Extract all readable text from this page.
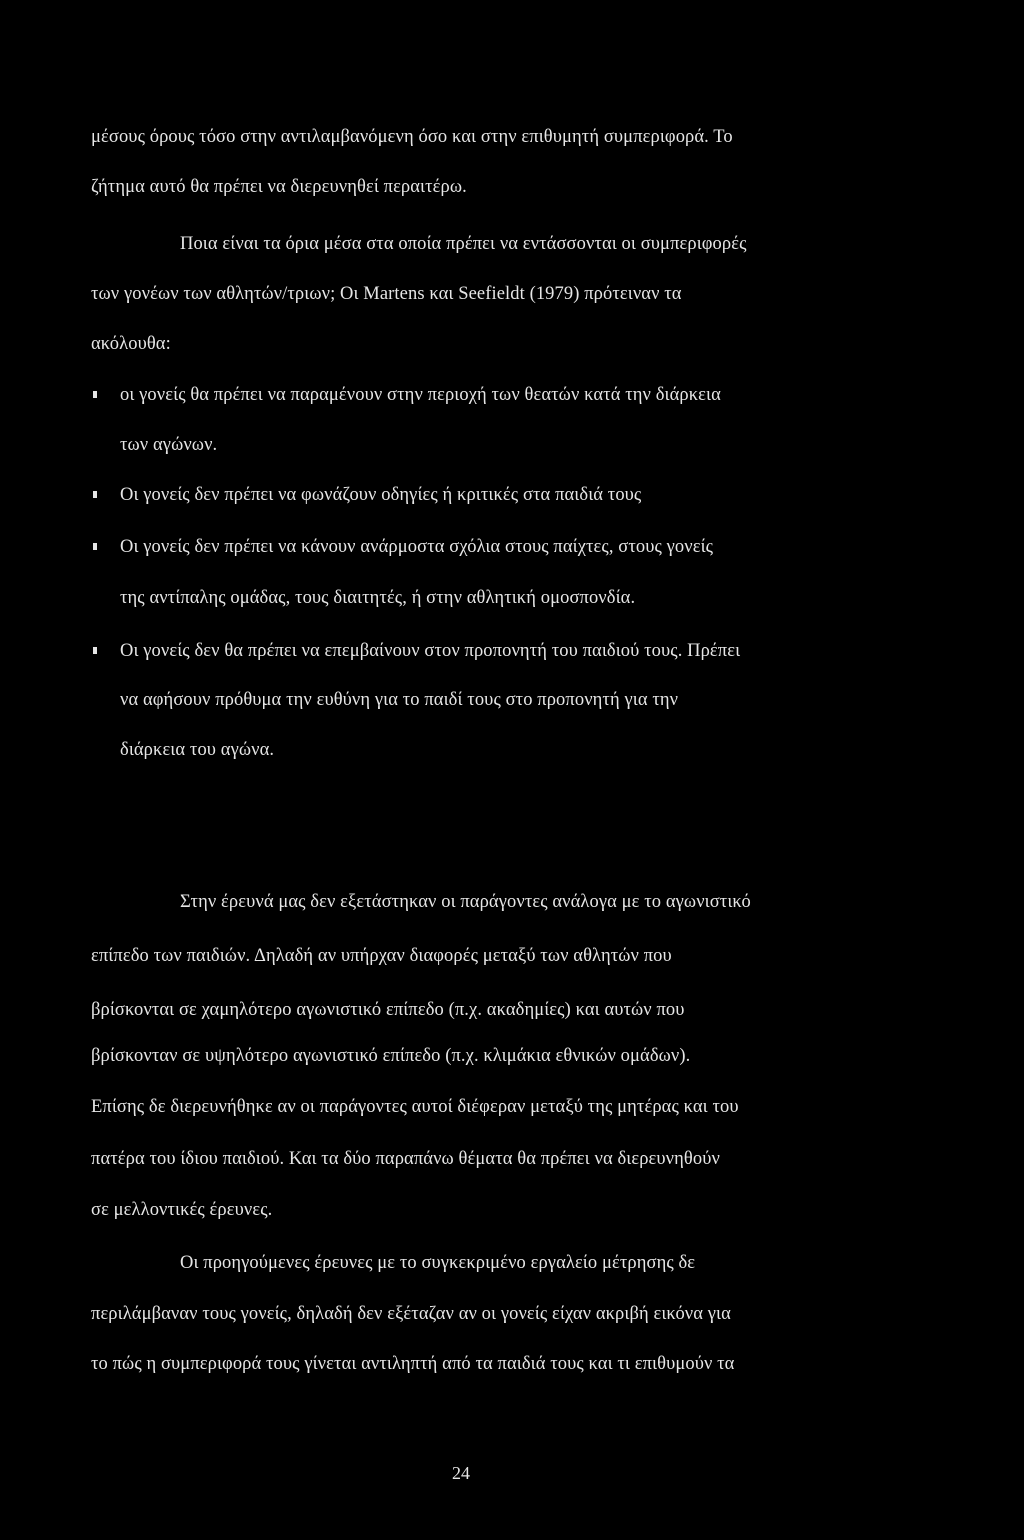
μέσους όρους τόσο στην αντιλαμβανόμενη όσο και στην επιθυμητή συμπεριφορά. Το
ζήτημα αυτό θα πρέπει να διερευνηθεί περαιτέρω.
Ποια είναι τα όρια μέσα στα οποία πρέπει να εντάσσονται οι συμπεριφορές
των γονέων των αθλητών/τριων; Οι Martens και Seefieldt (1979) πρότειναν τα
ακόλουθα:
οι γονείς θα πρέπει να παραμένουν στην περιοχή των θεατών κατά την διάρκεια
των αγώνων.
Οι γονείς δεν πρέπει να φωνάζουν οδηγίες ή κριτικές στα παιδιά τους
Οι γονείς δεν πρέπει να κάνουν ανάρμοστα σχόλια στους παίχτες, στους γονείς
της αντίπαλης ομάδας, τους διαιτητές, ή στην αθλητική ομοσπονδία.
Οι γονείς δεν θα πρέπει να επεμβαίνουν στον προπονητή του παιδιού τους. Πρέπει
να αφήσουν πρόθυμα την ευθύνη για το παιδί τους στο προπονητή για την
διάρκεια του αγώνα.
Στην έρευνά μας δεν εξετάστηκαν οι παράγοντες ανάλογα με το αγωνιστικό
επίπεδο των παιδιών. Δηλαδή αν υπήρχαν διαφορές μεταξύ των αθλητών που
βρίσκονται σε χαμηλότερο αγωνιστικό επίπεδο (π.χ. ακαδημίες) και αυτών που
βρίσκονταν σε υψηλότερο αγωνιστικό επίπεδο (π.χ. κλιμάκια εθνικών ομάδων).
Επίσης δε διερευνήθηκε αν οι παράγοντες αυτοί διέφεραν μεταξύ της μητέρας και του
πατέρα του ίδιου παιδιού. Και τα δύο παραπάνω θέματα θα πρέπει να διερευνηθούν
σε μελλοντικές έρευνες.
Οι προηγούμενες έρευνες με το συγκεκριμένο εργαλείο μέτρησης δε
περιλάμβαναν τους γονείς, δηλαδή δεν εξέταζαν αν οι γονείς είχαν ακριβή εικόνα για
το πώς η συμπεριφορά τους γίνεται αντιληπτή από τα παιδιά τους και τι επιθυμούν τα
24
